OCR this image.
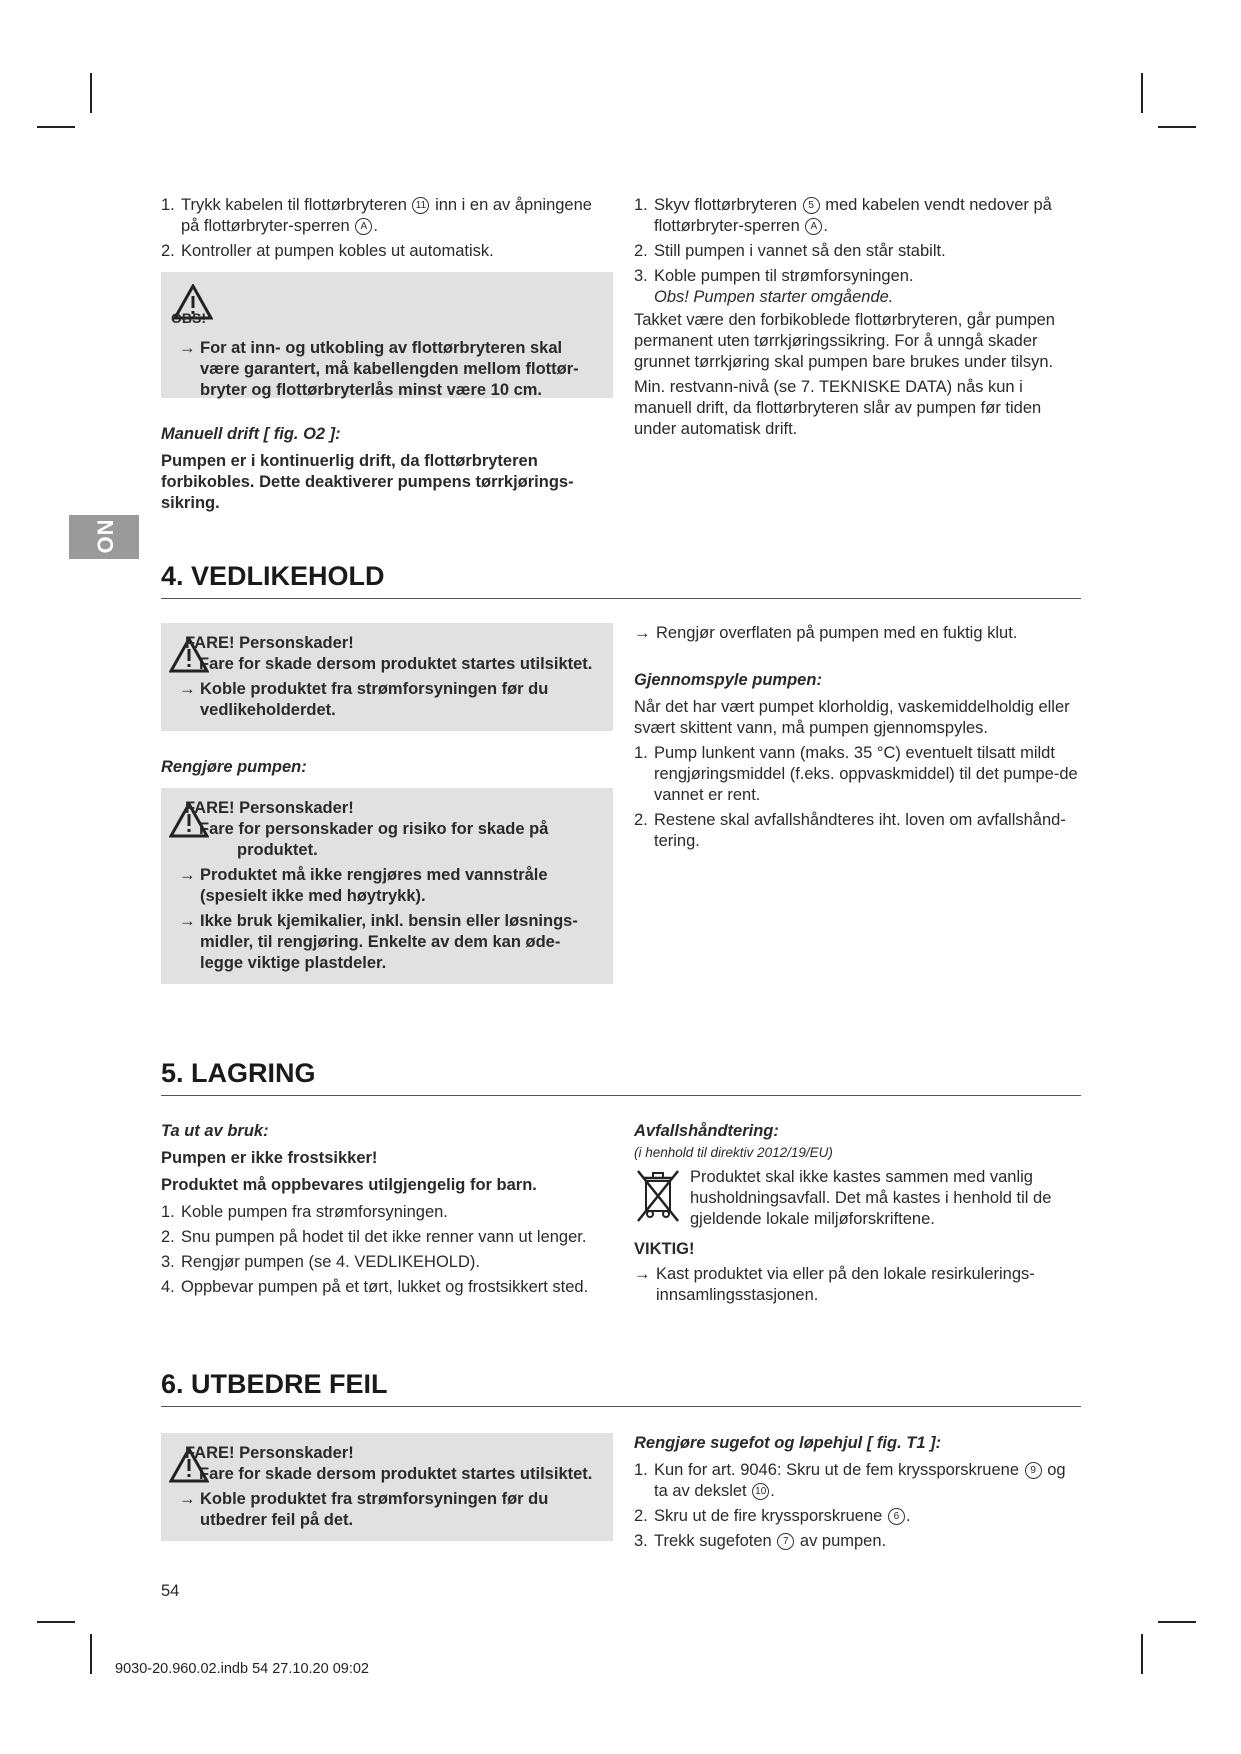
NO
1. Trykk kabelen til flottørbryteren 11 inn i en av åpningene på flottørbryter-sperren A .
2. Kontroller at pumpen kobles ut automatisk.
OBS!
→ For at inn- og utkobling av flottørbryteren skal være garantert, må kabellengden mellom flottør-bryter og flottørbryterlås minst være 10 cm.
Manuell drift [ fig. O2 ]:
Pumpen er i kontinuerlig drift, da flottørbryteren forbikobles. Dette deaktiverer pumpens tørrkjørings-sikring.
1. Skyv flottørbryteren 5 med kabelen vendt nedover på flottørbryter-sperren A .
2. Still pumpen i vannet så den står stabilt.
3. Koble pumpen til strømforsyningen.
Obs! Pumpen starter omgående.

Takket være den forbikoblede flottørbryteren, går pumpen permanent uten tørrkjøringssikring. For å unngå skader grunnet tørrkjøring skal pumpen bare brukes under tilsyn.

Min. restvann-nivå (se 7. TEKNISKE DATA) nås kun i manuell drift, da flottørbryteren slår av pumpen før tiden under automatisk drift.

4. VEDLIKEHOLD
FARE! Personskader!
Fare for skade dersom produktet startes utilsiktet.
→ Koble produktet fra strømforsyningen før du vedlikeholderdet.
Rengjøre pumpen:
FARE! Personskader!
Fare for personskader og risiko for skade på produktet.
→ Produktet må ikke rengjøres med vannstråle (spesielt ikke med høytrykk).
→ Ikke bruk kjemikalier, inkl. bensin eller løsnings-midler, til rengjøring. Enkelte av dem kan øde-legge viktige plastdeler.

→ Rengjør overflaten på pumpen med en fuktig klut.

Gjennomspyle pumpen:

Når det har vært pumpet klorholdig, vaskemiddelholdig eller svært skittent vann, må pumpen gjennomspyles.

1. Pump lunkent vann (maks. 35 °C) eventuelt tilsatt mildt rengjøringsmiddel (f.eks. oppvaskmiddel) til det pumpe-de vannet er rent.
2. Restene skal avfallshåndteres iht. loven om avfallshånd-tering.
5. LAGRING
Ta ut av bruk:

Pumpen er ikke frostsikker!

Produktet må oppbevares utilgjengelig for barn.

1. Koble pumpen fra strømforsyningen.
2. Snu pumpen på hodet til det ikke renner vann ut lenger.
3. Rengjør pumpen (se 4. VEDLIKEHOLD).
4. Oppbevar pumpen på et tørt, lukket og frostsikkert sted.
Avfallshåndtering:
(i henhold til direktiv 2012/19/EU)
Produktet skal ikke kastes sammen med vanlig husholdningsavfall. Det må kastes i henhold til de gjeldende lokale miljøforskriftene.
VIKTIG!

→ Kast produktet via eller på den lokale resirkulerings-innsamlingsstasjonen.

6. UTBEDRE FEIL
FARE! Personskader!
Fare for skade dersom produktet startes utilsiktet.
→ Koble produktet fra strømforsyningen før du utbedrer feil på det.
Rengjøre sugefot og løpehjul [ fig. T1 ]:
1. Kun for art. 9046: Skru ut de fem kryssporskruene 9 og ta av dekslet 10 .
2. Skru ut de fire kryssporskruene 6 .
3. Trekk sugefoten 7 av pumpen.
54
9030-20.960.02.indb 54 27.10.20 09:02
